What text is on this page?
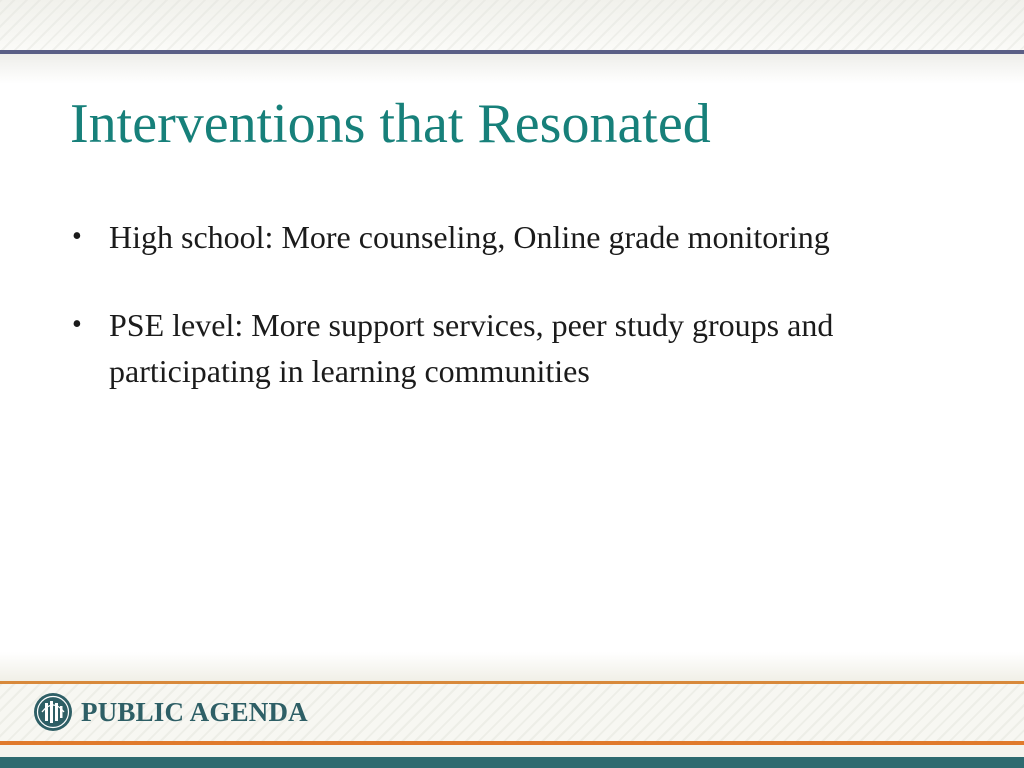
Interventions that Resonated
• High school: More counseling, Online grade monitoring
• PSE level: More support services, peer study groups and participating in learning communities
PUBLIC AGENDA
